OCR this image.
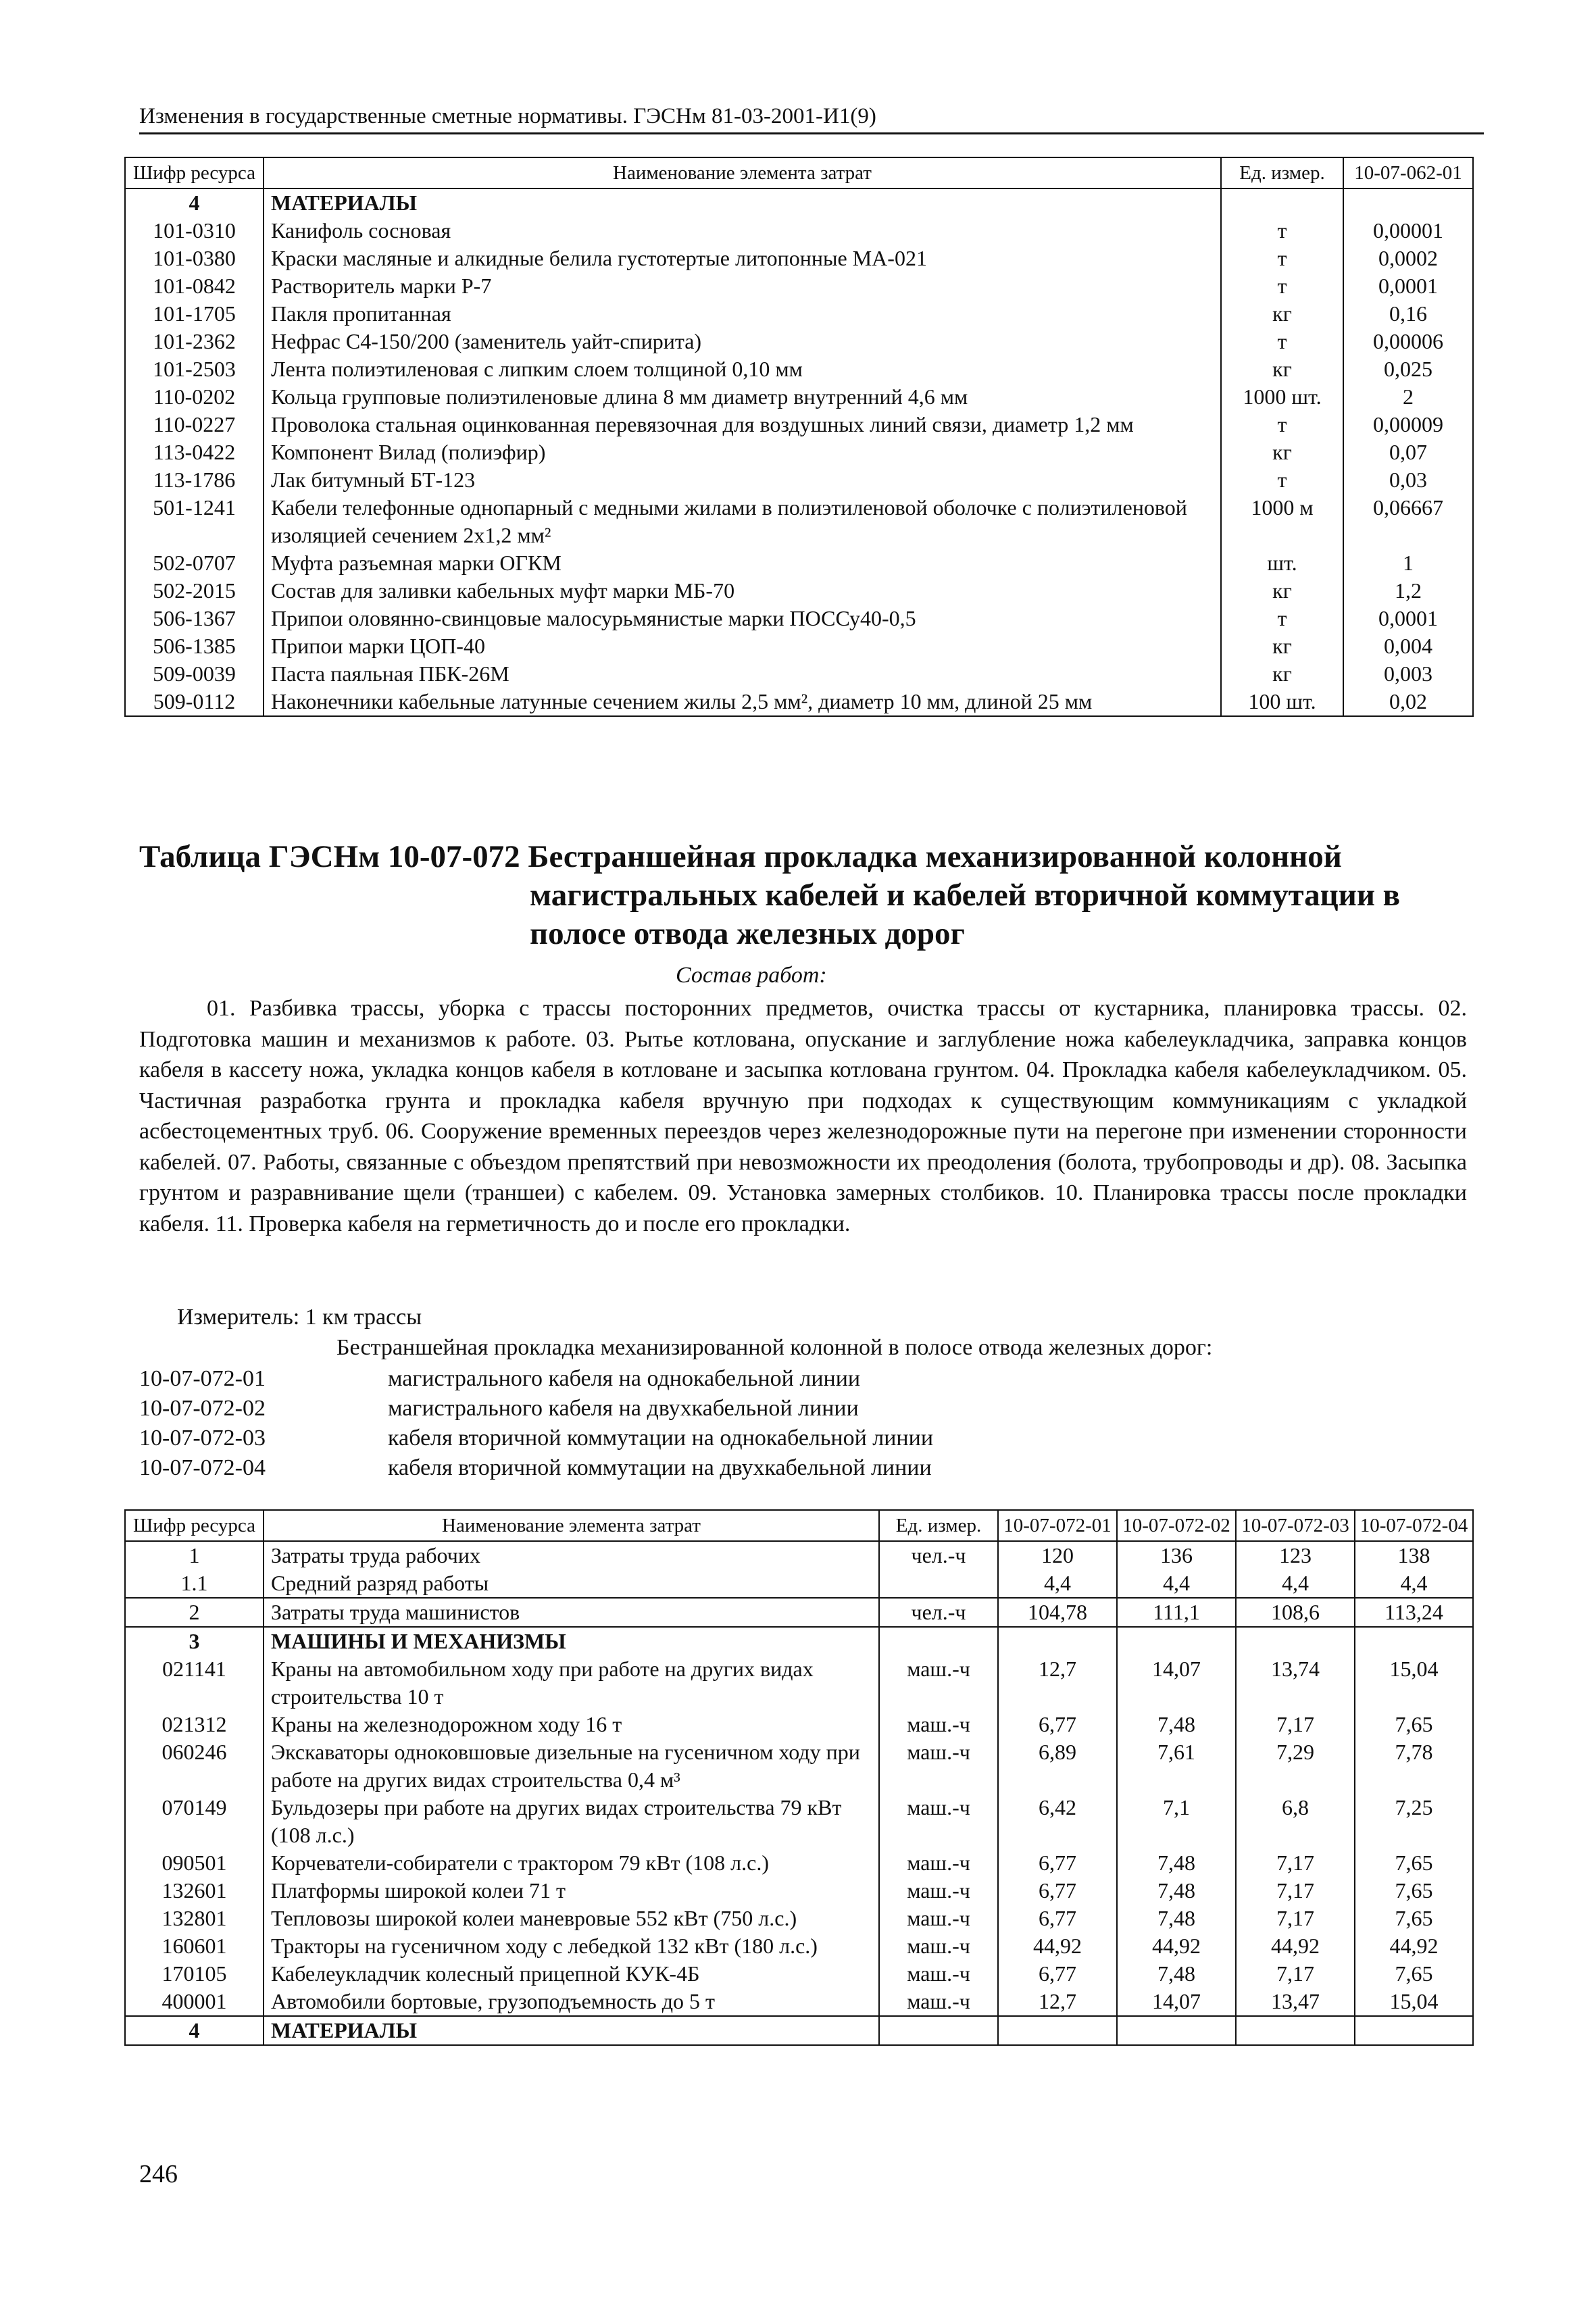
Изменения в государственные сметные нормативы. ГЭСНм 81-03-2001-И1(9)
Шифр ресурса	Наименование элемента затрат	Ед. измер.	10-07-062-01
4	МАТЕРИАЛЫ		
101-0310	Канифоль сосновая	т	0,00001
101-0380	Краски масляные и алкидные белила густотертые литопонные МА-021	т	0,0002
101-0842	Растворитель марки Р-7	т	0,0001
101-1705	Пакля пропитанная	кг	0,16
101-2362	Нефрас С4-150/200 (заменитель уайт-спирита)	т	0,00006
101-2503	Лента полиэтиленовая с липким слоем толщиной 0,10 мм	кг	0,025
110-0202	Кольца групповые полиэтиленовые длина 8 мм диаметр внутренний 4,6 мм	1000 шт.	2
110-0227	Проволока стальная оцинкованная перевязочная для воздушных линий связи, диаметр 1,2 мм	т	0,00009
113-0422	Компонент Вилад (полиэфир)	кг	0,07
113-1786	Лак битумный БТ-123	т	0,03
501-1241	Кабели телефонные однопарный с медными жилами в полиэтиленовой оболочке с полиэтиленовой изоляцией сечением 2х1,2 мм²	1000 м	0,06667
502-0707	Муфта разъемная марки ОГКМ	шт.	1
502-2015	Состав для заливки кабельных муфт марки МБ-70	кг	1,2
506-1367	Припои оловянно-свинцовые малосурьмянистые марки ПОССу40-0,5	т	0,0001
506-1385	Припои марки ЦОП-40	кг	0,004
509-0039	Паста паяльная ПБК-26М	кг	0,003
509-0112	Наконечники кабельные латунные сечением жилы 2,5 мм², диаметр 10 мм, длиной 25 мм	100 шт.	0,02
Таблица ГЭСНм 10-07-072 Бестраншейная прокладка механизированной колонной
магистральных кабелей и кабелей вторичной коммутации в
полосе отвода железных дорог
Состав работ:

01. Разбивка трассы, уборка с трассы посторонних предметов, очистка трассы от кустарника, планировка трассы. 02. Подготовка машин и механизмов к работе. 03. Рытье котлована, опускание и заглубление ножа кабелеукладчика, заправка концов кабеля в кассету ножа, укладка концов кабеля в котловане и засыпка котлована грунтом. 04. Прокладка кабеля кабелеукладчиком. 05. Частичная разработка грунта и прокладка кабеля вручную при подходах к существующим коммуникациям с укладкой асбестоцементных труб. 06. Сооружение временных переездов через железнодорожные пути на перегоне при изменении сторонности кабелей. 07. Работы, связанные с объездом препятствий при невозможности их преодоления (болота, трубопроводы и др). 08. Засыпка грунтом и разравнивание щели (траншеи) с кабелем. 09. Установка замерных столбиков. 10. Планировка трассы после прокладки кабеля. 11. Проверка кабеля на герметичность до и после его прокладки.

Измеритель: 1 км трассы
Бестраншейная прокладка механизированной колонной в полосе отвода железных дорог:
10-07-072-01	магистрального кабеля на однокабельной линии
10-07-072-02	магистрального кабеля на двухкабельной линии
10-07-072-03	кабеля вторичной коммутации на однокабельной линии
10-07-072-04	кабеля вторичной коммутации на двухкабельной линии
Шифр ресурса	Наименование элемента затрат	Ед. измер.	10-07-072-01	10-07-072-02	10-07-072-03	10-07-072-04
1	Затраты труда рабочих	чел.-ч	120	136	123	138
1.1	Средний разряд работы		4,4	4,4	4,4	4,4
2	Затраты труда машинистов	чел.-ч	104,78	111,1	108,6	113,24
3	МАШИНЫ И МЕХАНИЗМЫ					
021141	Краны на автомобильном ходу при работе на других видах строительства 10 т	маш.-ч	12,7	14,07	13,74	15,04
021312	Краны на железнодорожном ходу 16 т	маш.-ч	6,77	7,48	7,17	7,65
060246	Экскаваторы одноковшовые дизельные на гусеничном ходу при работе на других видах строительства 0,4 м³	маш.-ч	6,89	7,61	7,29	7,78
070149	Бульдозеры при работе на других видах строительства 79 кВт (108 л.с.)	маш.-ч	6,42	7,1	6,8	7,25
090501	Корчеватели-собиратели с трактором 79 кВт (108 л.с.)	маш.-ч	6,77	7,48	7,17	7,65
132601	Платформы широкой колеи 71 т	маш.-ч	6,77	7,48	7,17	7,65
132801	Тепловозы широкой колеи маневровые 552 кВт (750 л.с.)	маш.-ч	6,77	7,48	7,17	7,65
160601	Тракторы на гусеничном ходу с лебедкой 132 кВт (180 л.с.)	маш.-ч	44,92	44,92	44,92	44,92
170105	Кабелеукладчик колесный прицепной КУК-4Б	маш.-ч	6,77	7,48	7,17	7,65
400001	Автомобили бортовые, грузоподъемность до 5 т	маш.-ч	12,7	14,07	13,47	15,04
4	МАТЕРИАЛЫ					
246
